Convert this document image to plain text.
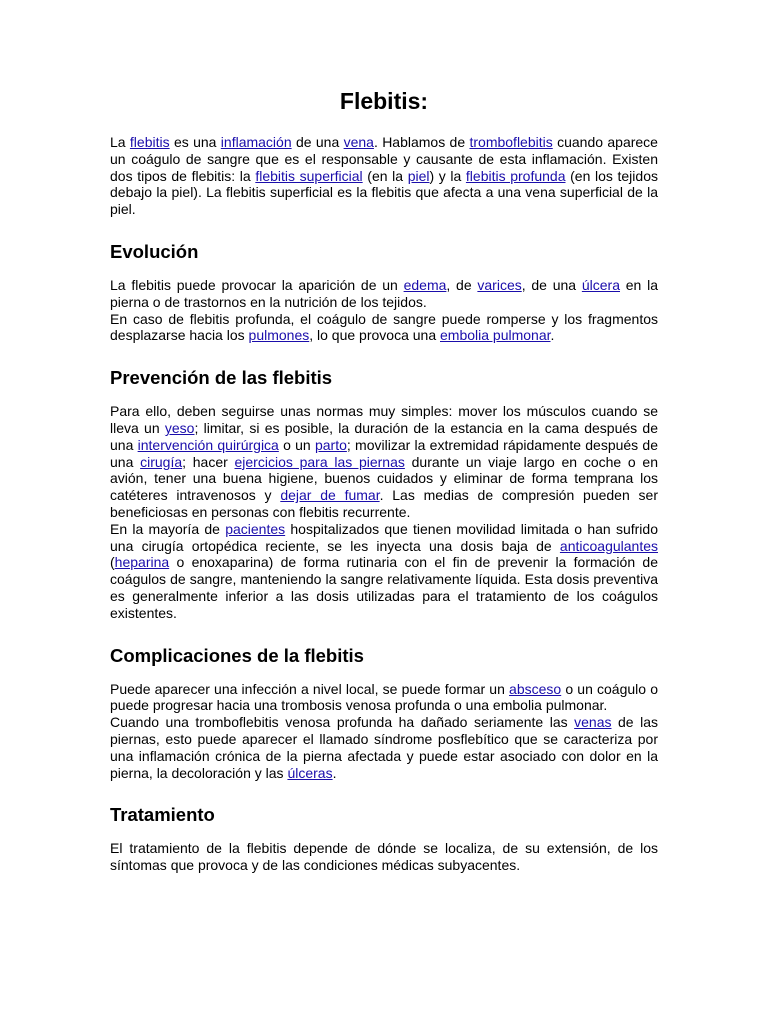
Flebitis:

La flebitis es una inflamación de una vena. Hablamos de tromboflebitis cuando aparece un coágulo de sangre que es el responsable y causante de esta inflamación. Existen dos tipos de flebitis: la flebitis superficial (en la piel) y la flebitis profunda (en los tejidos debajo la piel). La flebitis superficial es la flebitis que afecta a una vena superficial de la piel.

Evolución

La flebitis puede provocar la aparición de un edema, de varices, de una úlcera en la pierna o de trastornos en la nutrición de los tejidos.

En caso de flebitis profunda, el coágulo de sangre puede romperse y los fragmentos desplazarse hacia los pulmones, lo que provoca una embolia pulmonar.

Prevención de las flebitis

Para ello, deben seguirse unas normas muy simples: mover los músculos cuando se lleva un yeso; limitar, si es posible, la duración de la estancia en la cama después de una intervención quirúrgica o un parto; movilizar la extremidad rápidamente después de una cirugía; hacer ejercicios para las piernas durante un viaje largo en coche o en avión, tener una buena higiene, buenos cuidados y eliminar de forma temprana los catéteres intravenosos y dejar de fumar. Las medias de compresión pueden ser beneficiosas en personas con flebitis recurrente.

En la mayoría de pacientes hospitalizados que tienen movilidad limitada o han sufrido una cirugía ortopédica reciente, se les inyecta una dosis baja de anticoagulantes (heparina o enoxaparina) de forma rutinaria con el fin de prevenir la formación de coágulos de sangre, manteniendo la sangre relativamente líquida. Esta dosis preventiva es generalmente inferior a las dosis utilizadas para el tratamiento de los coágulos existentes.

Complicaciones de la flebitis

Puede aparecer una infección a nivel local, se puede formar un absceso o un coágulo o puede progresar hacia una trombosis venosa profunda o una embolia pulmonar.

Cuando una tromboflebitis venosa profunda ha dañado seriamente las venas de las piernas, esto puede aparecer el llamado síndrome posflebítico que se caracteriza por una inflamación crónica de la pierna afectada y puede estar asociado con dolor en la pierna, la decoloración y las úlceras.

Tratamiento

El tratamiento de la flebitis depende de dónde se localiza, de su extensión, de los síntomas que provoca y de las condiciones médicas subyacentes.
